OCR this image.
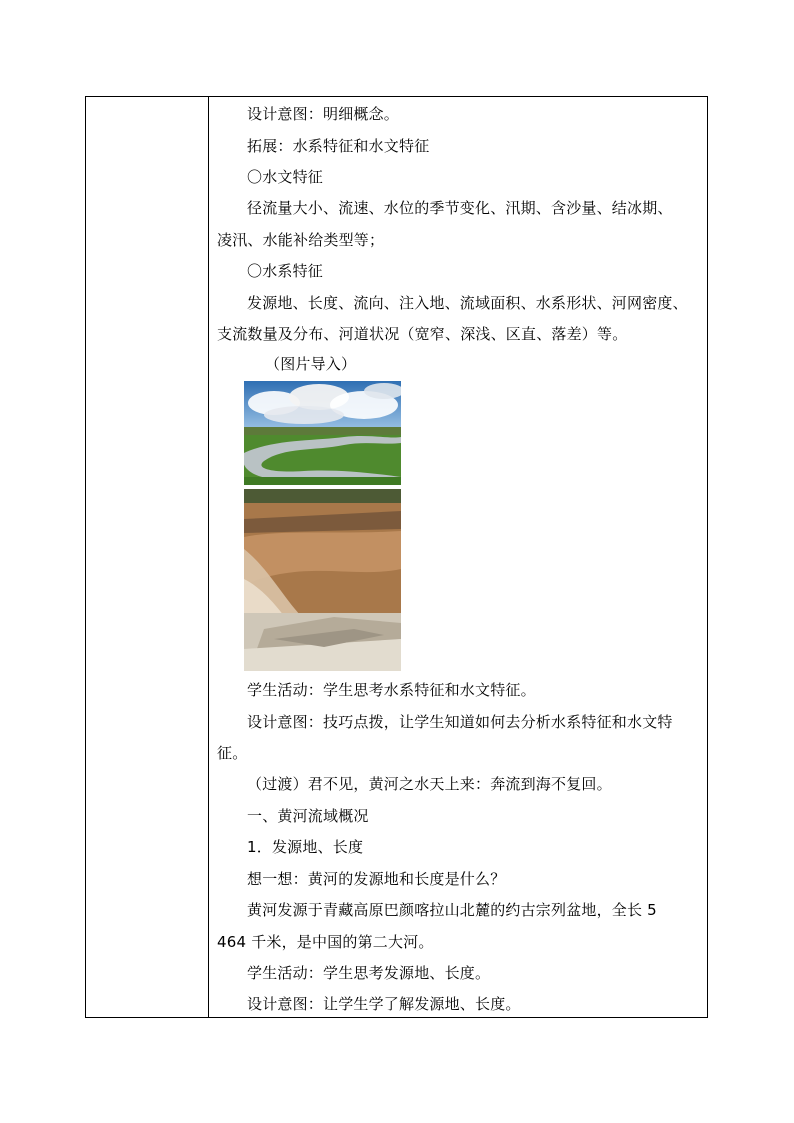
设计意图：明细概念。
拓展：水系特征和水文特征
〇水文特征
径流量大小、流速、水位的季节变化、汛期、含沙量、结冰期、
凌汛、水能补给类型等；
〇水系特征
发源地、长度、流向、注入地、流域面积、水系形状、河网密度、
支流数量及分布、河道状况（宽窄、深浅、区直、落差）等。
（图片导入）
学生活动：学生思考水系特征和水文特征。
设计意图：技巧点拨，让学生知道如何去分析水系特征和水文特
征。
（过渡）君不见，黄河之水天上来：奔流到海不复回。
一、黄河流域概况
1．发源地、长度
想一想：黄河的发源地和长度是什么？
黄河发源于青藏高原巴颜喀拉山北麓的约古宗列盆地，全长 5
464 千米，是中国的第二大河。
学生活动：学生思考发源地、长度。
设计意图：让学生学了解发源地、长度。
